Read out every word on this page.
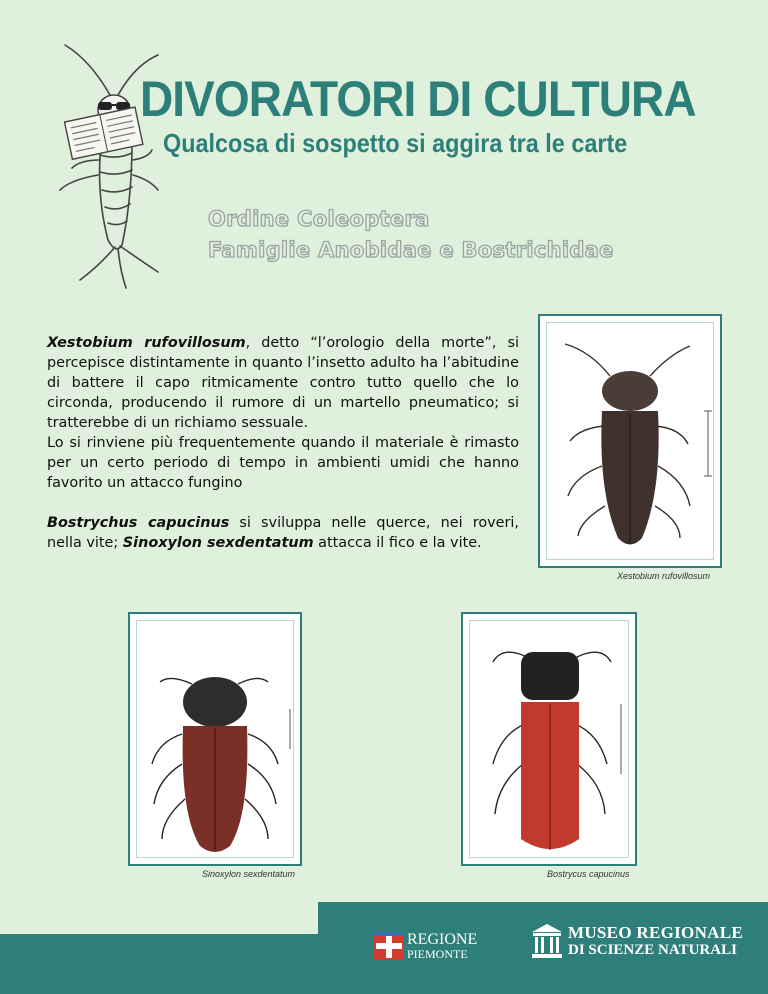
DIVORATORI DI CULTURA
Qualcosa di sospetto si aggira tra le carte
Ordine Coleoptera
Famiglie Anobidae e Bostrichidae

Xestobium rufovillosum, detto “l’orologio della morte”, si percepisce distintamente in quanto l’insetto adulto ha l’abitudine di battere il capo ritmicamente contro tutto quello che lo circonda, producendo il rumore di un martello pneumatico; si tratterebbe di un richiamo sessuale.

Lo si rinviene più frequentemente quando il materiale è rimasto per un certo periodo di tempo in ambienti umidi che hanno favorito un attacco fungino

Bostrychus capucinus si sviluppa nelle querce, nei roveri, nella vite; Sinoxylon sexdentatum attacca il fico e la vite.

Xestobium rufovillosum
Sinoxylon sexdentatum	Bostrycus capucinus
REGIONE
PIEMONTE
MUSEO REGIONALE
DI SCIENZE NATURALI
